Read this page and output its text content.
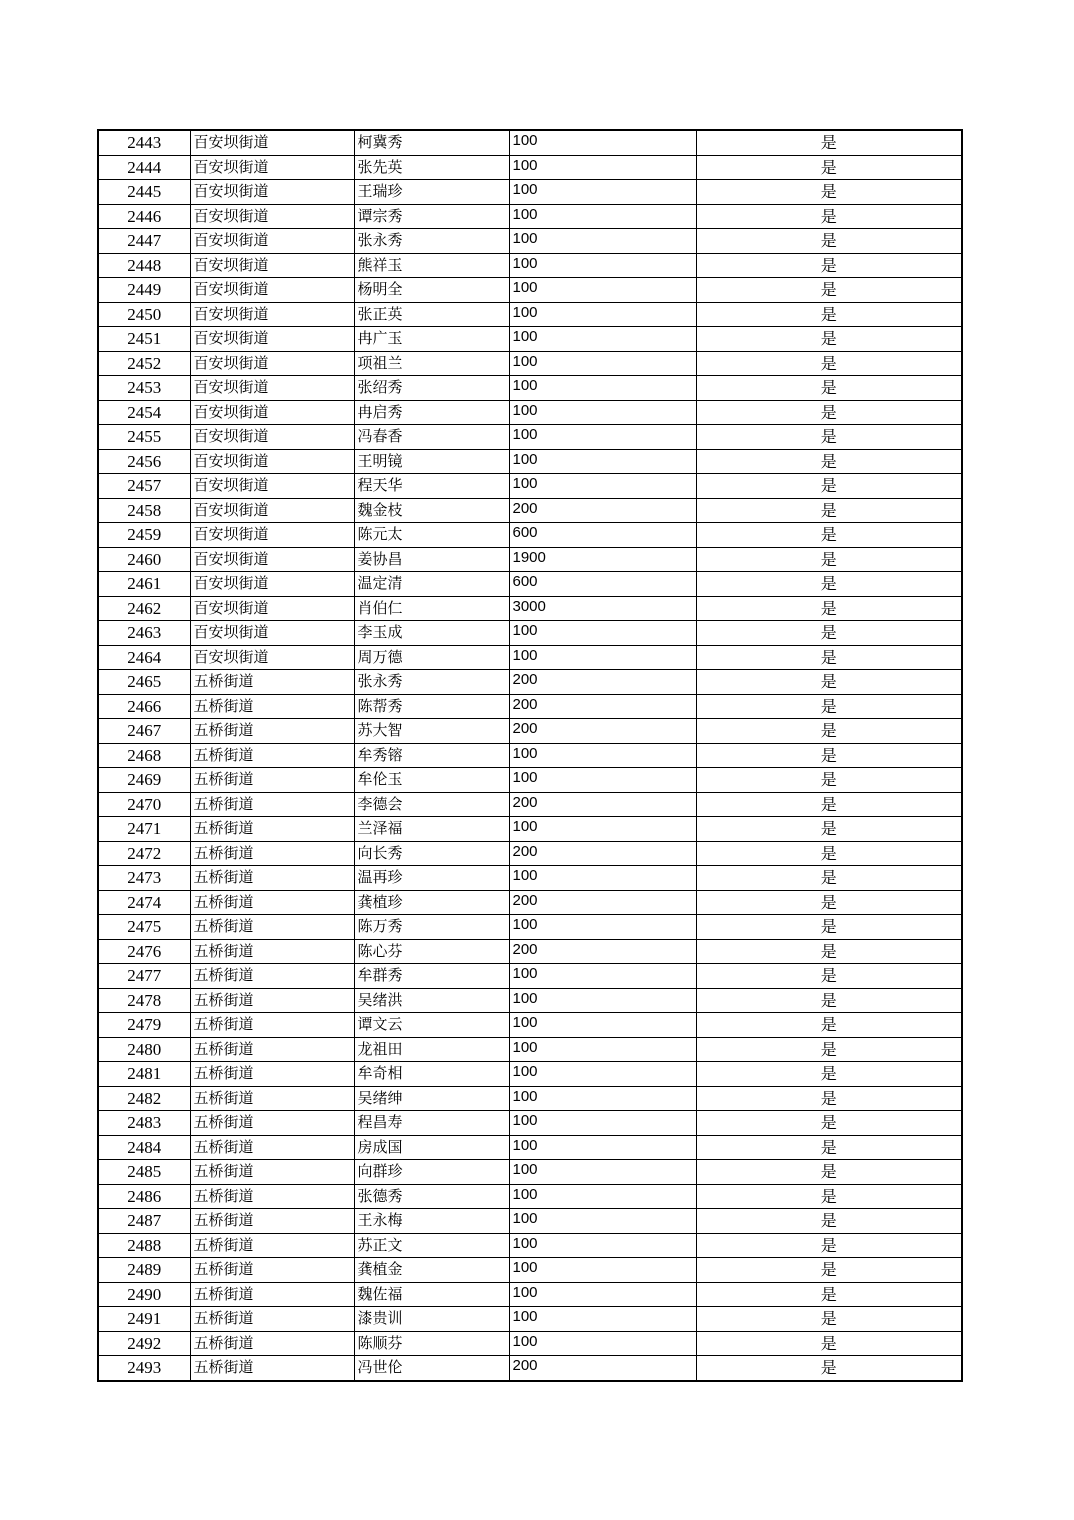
2443	百安坝街道	柯冀秀	100	是
2444	百安坝街道	张先英	100	是
2445	百安坝街道	王瑞珍	100	是
2446	百安坝街道	谭宗秀	100	是
2447	百安坝街道	张永秀	100	是
2448	百安坝街道	熊祥玉	100	是
2449	百安坝街道	杨明全	100	是
2450	百安坝街道	张正英	100	是
2451	百安坝街道	冉广玉	100	是
2452	百安坝街道	项祖兰	100	是
2453	百安坝街道	张绍秀	100	是
2454	百安坝街道	冉启秀	100	是
2455	百安坝街道	冯春香	100	是
2456	百安坝街道	王明镜	100	是
2457	百安坝街道	程天华	100	是
2458	百安坝街道	魏金枝	200	是
2459	百安坝街道	陈元太	600	是
2460	百安坝街道	姜协昌	1900	是
2461	百安坝街道	温定清	600	是
2462	百安坝街道	肖伯仁	3000	是
2463	百安坝街道	李玉成	100	是
2464	百安坝街道	周万德	100	是
2465	五桥街道	张永秀	200	是
2466	五桥街道	陈帮秀	200	是
2467	五桥街道	苏大智	200	是
2468	五桥街道	牟秀镕	100	是
2469	五桥街道	牟伦玉	100	是
2470	五桥街道	李德会	200	是
2471	五桥街道	兰泽福	100	是
2472	五桥街道	向长秀	200	是
2473	五桥街道	温再珍	100	是
2474	五桥街道	龚植珍	200	是
2475	五桥街道	陈万秀	100	是
2476	五桥街道	陈心芬	200	是
2477	五桥街道	牟群秀	100	是
2478	五桥街道	吴绪洪	100	是
2479	五桥街道	谭文云	100	是
2480	五桥街道	龙祖田	100	是
2481	五桥街道	牟奇相	100	是
2482	五桥街道	吴绪绅	100	是
2483	五桥街道	程昌寿	100	是
2484	五桥街道	房成国	100	是
2485	五桥街道	向群珍	100	是
2486	五桥街道	张德秀	100	是
2487	五桥街道	王永梅	100	是
2488	五桥街道	苏正文	100	是
2489	五桥街道	龚植金	100	是
2490	五桥街道	魏佐福	100	是
2491	五桥街道	漆贵训	100	是
2492	五桥街道	陈顺芬	100	是
2493	五桥街道	冯世伦	200	是
